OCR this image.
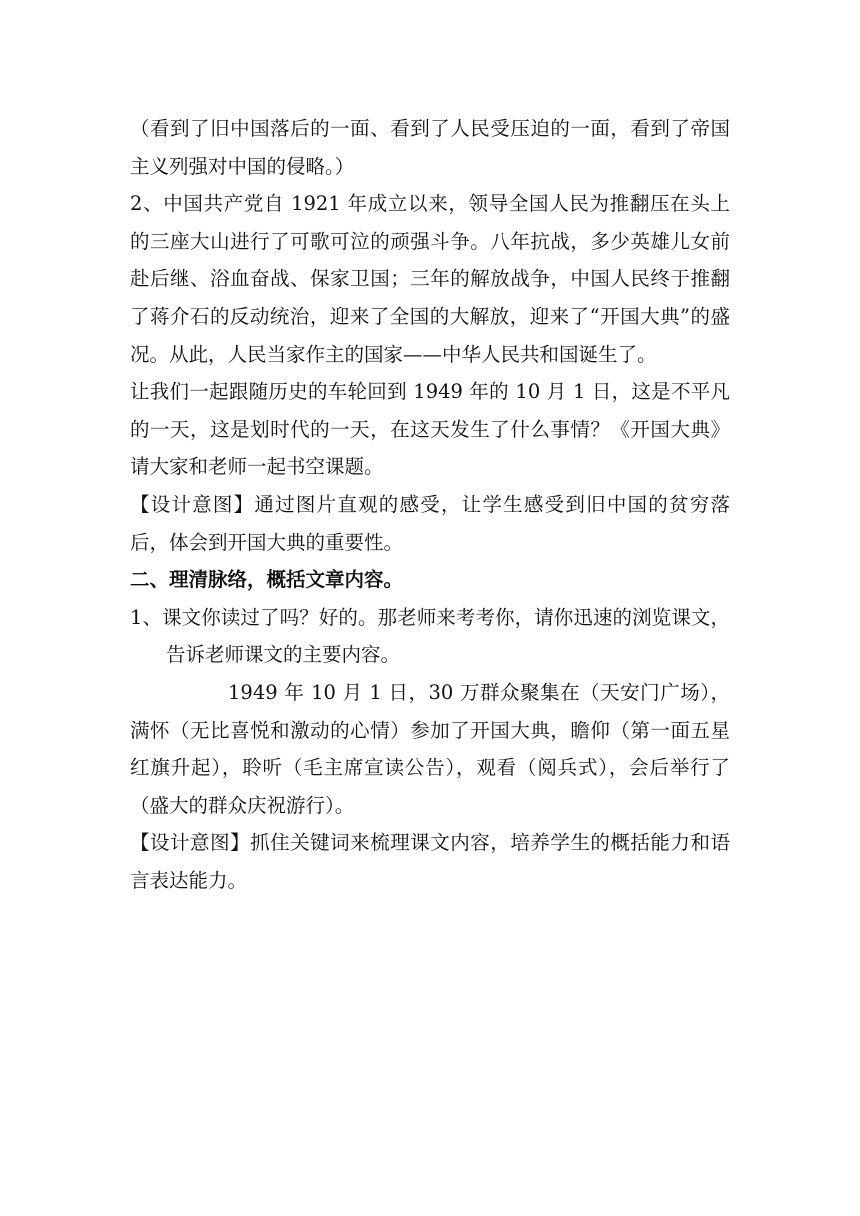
（看到了旧中国落后的一面、看到了人民受压迫的一面，看到了帝国主义列强对中国的侵略。）

2、中国共产党自 1921 年成立以来，领导全国人民为推翻压在头上的三座大山进行了可歌可泣的顽强斗争。八年抗战，多少英雄儿女前赴后继、浴血奋战、保家卫国；三年的解放战争，中国人民终于推翻了蒋介石的反动统治，迎来了全国的大解放，迎来了“开国大典”的盛况。从此，人民当家作主的国家——中华人民共和国诞生了。

让我们一起跟随历史的车轮回到 1949 年的 10 月 1 日，这是不平凡的一天，这是划时代的一天，在这天发生了什么事情？《开国大典》请大家和老师一起书空课题。

【设计意图】通过图片直观的感受，让学生感受到旧中国的贫穷落后，体会到开国大典的重要性。

二、理清脉络，概括文章内容。

1、课文你读过了吗？好的。那老师来考考你，请你迅速的浏览课文，告诉老师课文的主要内容。

1949 年 10 月 1 日，30 万群众聚集在（天安门广场），满怀（无比喜悦和激动的心情）参加了开国大典，瞻仰（第一面五星红旗升起），聆听（毛主席宣读公告），观看（阅兵式），会后举行了（盛大的群众庆祝游行）。

【设计意图】抓住关键词来梳理课文内容，培养学生的概括能力和语言表达能力。
